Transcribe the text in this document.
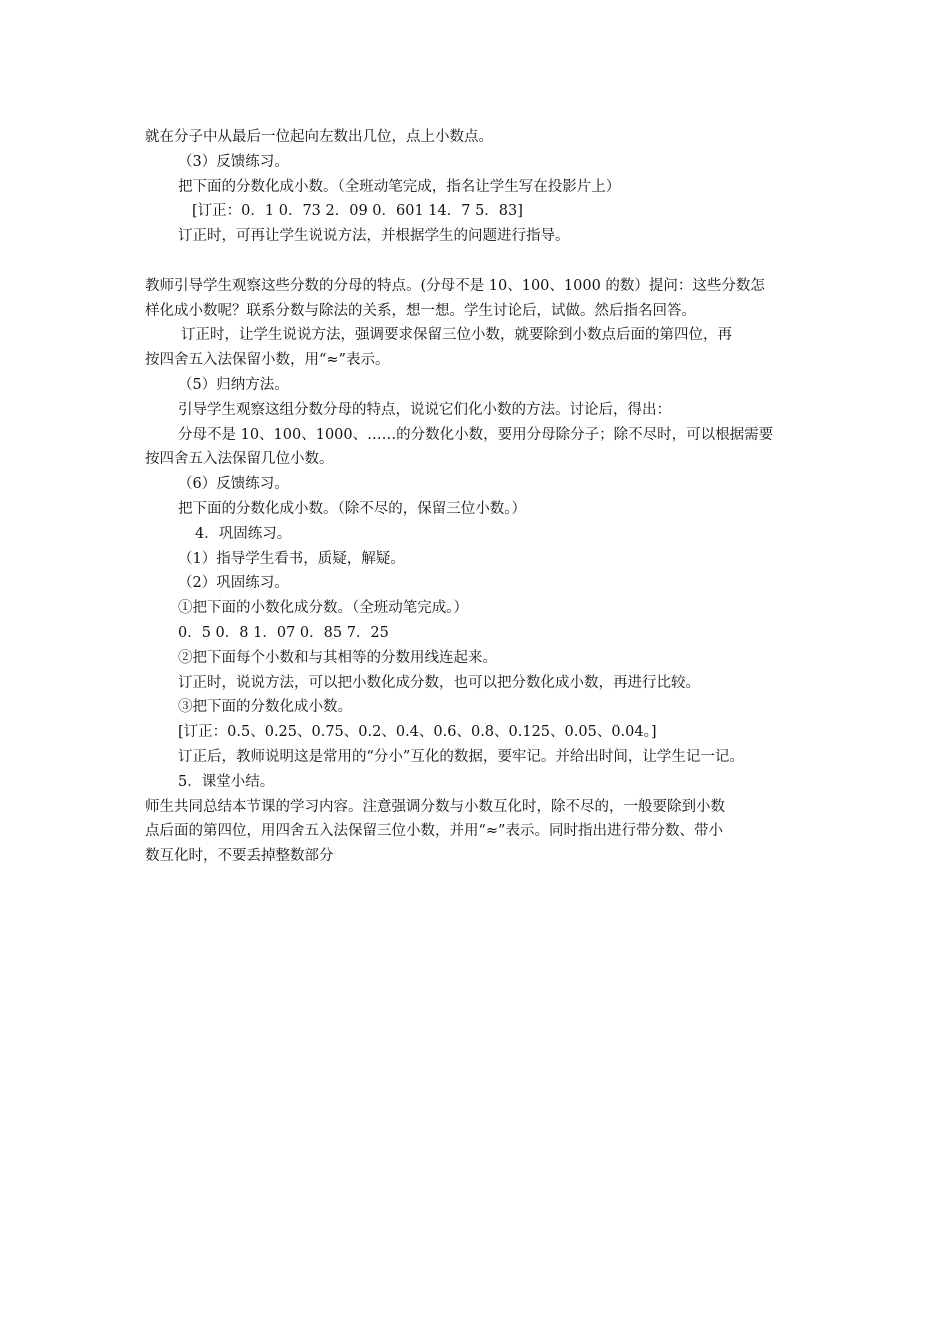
就在分子中从最后一位起向左数出几位，点上小数点。
（3）反馈练习。
把下面的分数化成小数。（全班动笔完成，指名让学生写在投影片上）
[订正：0．1 0．73 2．09 0．601 14．7 5．83]
订正时，可再让学生说说方法，并根据学生的问题进行指导。
教师引导学生观察这些分数的分母的特点。(分母不是 10、100、1000 的数）提问：这些分数怎
样化成小数呢？联系分数与除法的关系，想一想。学生讨论后，试做。然后指名回答。
订正时，让学生说说方法，强调要求保留三位小数，就要除到小数点后面的第四位，再
按四舍五入法保留小数，用“≈”表示。
（5）归纳方法。
引导学生观察这组分数分母的特点，说说它们化小数的方法。讨论后，得出：
分母不是 10、100、1000、……的分数化小数，要用分母除分子；除不尽时，可以根据需要
按四舍五入法保留几位小数。
（6）反馈练习。
把下面的分数化成小数。（除不尽的，保留三位小数。）
4．巩固练习。
（1）指导学生看书，质疑，解疑。
（2）巩固练习。
①把下面的小数化成分数。（全班动笔完成。）
0．5 0．8 1．07 0．85 7．25
②把下面每个小数和与其相等的分数用线连起来。
订正时，说说方法，可以把小数化成分数，也可以把分数化成小数，再进行比较。
③把下面的分数化成小数。
[订正：0.5、0.25、0.75、0.2、0.4、0.6、0.8、0.125、0.05、0.04。]
订正后，教师说明这是常用的“分小”互化的数据，要牢记。并给出时间，让学生记一记。
5．课堂小结。
师生共同总结本节课的学习内容。注意强调分数与小数互化时，除不尽的，一般要除到小数
点后面的第四位，用四舍五入法保留三位小数，并用“≈”表示。同时指出进行带分数、带小
数互化时，不要丢掉整数部分
